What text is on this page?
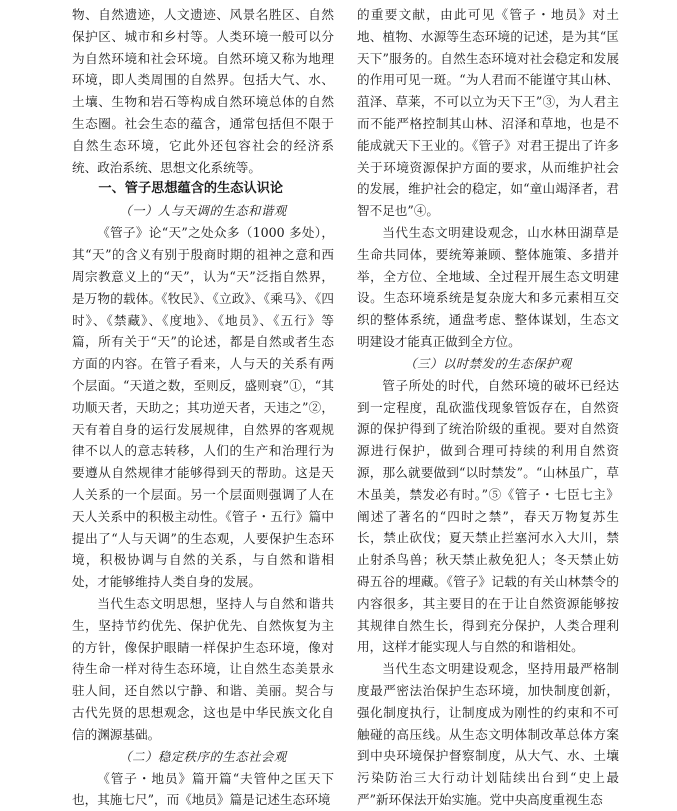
物、自然遗迹，人文遗迹、风景名胜区、自然保护区、城市和乡村等。人类环境一般可以分为自然环境和社会环境。自然环境又称为地理环境，即人类周围的自然界。包括大气、水、土壤、生物和岩石等构成自然环境总体的自然生态圈。社会生态的蕴含，通常包括但不限于自然生态环境，它此外还包容社会的经济系统、政治系统、思想文化系统等。

一、管子思想蕴含的生态认识论
（一）人与天调的生态和谐观

《管子》论“天”之处众多（1000 多处），其“天”的含义有别于殷商时期的祖神之意和西周宗教意义上的“天”，认为“天”泛指自然界，是万物的载体。《牧民》、《立政》、《乘马》、《四时》、《禁藏》、《度地》、《地员》、《五行》等篇，所有关于“天”的论述，都是自然或者生态方面的内容。在管子看来，人与天的关系有两个层面。“天道之数，至则反，盛则衰”①，“其功顺天者，天助之；其功逆天者，天违之”②，天有着自身的运行发展规律，自然界的客观规律不以人的意志转移，人们的生产和治理行为要遵从自然规律才能够得到天的帮助。这是天人关系的一个层面。另一个层面则强调了人在天人关系中的积极主动性。《管子・五行》篇中提出了“人与天调”的生态观，人要保护生态环境，积极协调与自然的关系，与自然和谐相处，才能够维持人类自身的发展。

当代生态文明思想，坚持人与自然和谐共生，坚持节约优先、保护优先、自然恢复为主的方针，像保护眼睛一样保护生态环境，像对待生命一样对待生态环境，让自然生态美景永驻人间，还自然以宁静、和谐、美丽。契合与古代先贤的思想观念，这也是中华民族文化自信的渊源基础。

（二）稳定秩序的生态社会观

《管子・地员》篇开篇“夫管仲之匡天下也，其施七尺”，而《地员》篇是记述生态环境

的重要文献，由此可见《管子・地员》对土地、植物、水源等生态环境的记述，是为其“匡天下”服务的。自然生态环境对社会稳定和发展的作用可见一斑。“为人君而不能谨守其山林、菹泽、草莱，不可以立为天下王”③，为人君主而不能严格控制其山林、沼泽和草地，也是不能成就天下王业的。《管子》对君王提出了许多关于环境资源保护方面的要求，从而维护社会的发展，维护社会的稳定，如“童山竭泽者，君智不足也”④。

当代生态文明建设观念，山水林田湖草是生命共同体，要统筹兼顾、整体施策、多措并举，全方位、全地域、全过程开展生态文明建设。生态环境系统是复杂庞大和多元素相互交织的整体系统，通盘考虑、整体谋划，生态文明建设才能真正做到全方位。

（三）以时禁发的生态保护观

管子所处的时代，自然环境的破坏已经达到一定程度，乱砍滥伐现象管饭存在，自然资源的保护得到了统治阶级的重视。要对自然资源进行保护，做到合理可持续的利用自然资源，那么就要做到“以时禁发”。“山林虽广，草木虽美，禁发必有时。”⑤《管子・七臣七主》阐述了著名的“四时之禁”，春天万物复苏生长，禁止砍伐；夏天禁止拦塞河水入大川，禁止射杀鸟兽；秋天禁止赦免犯人；冬天禁止妨碍五谷的埋藏。《管子》记载的有关山林禁令的内容很多，其主要目的在于让自然资源能够按其规律自然生长，得到充分保护，人类合理利用，这样才能实现人与自然的和谐相处。

当代生态文明建设观念，坚持用最严格制度最严密法治保护生态环境，加快制度创新，强化制度执行，让制度成为刚性的约束和不可触碰的高压线。从生态文明体制改革总体方案到中央环境保护督察制度，从大气、水、土壤污染防治三大行动计划陆续出台到“史上最严”新环保法开始实施。党中央高度重视生态
